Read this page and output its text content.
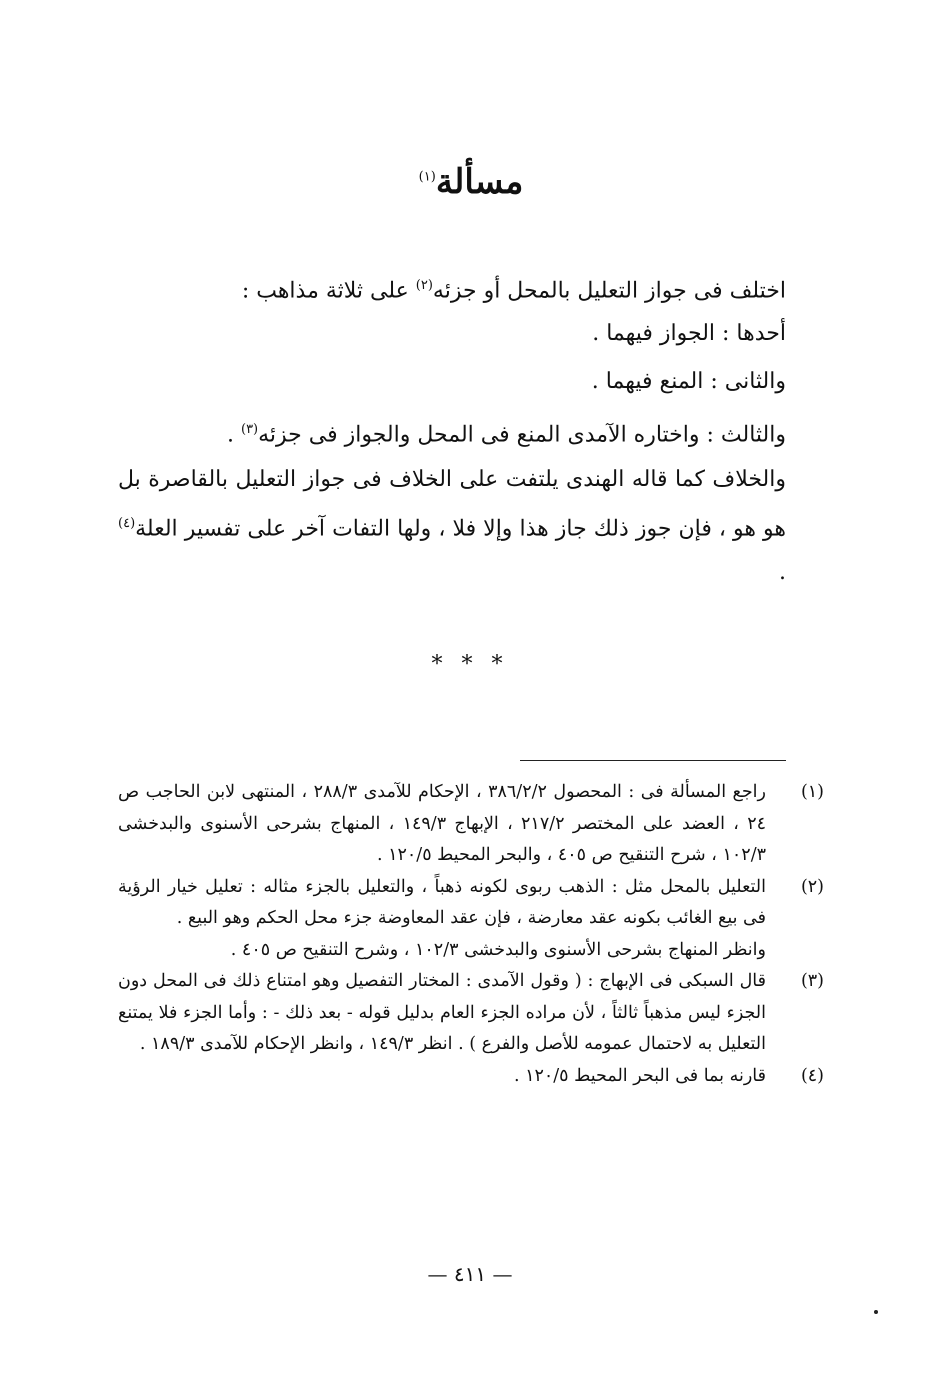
مسألة$^{(١)}$

اختلف فى جواز التعليل بالمحل أو جزئه$^{(٢)}$ على ثلاثة مذاهب :

أحدها : الجواز فيهما .

والثانى : المنع فيهما .

والثالث : واختاره الآمدى المنع فى المحل والجواز فى جزئه$^{(٣)}$ .

والخلاف كما قاله الهندى يلتفت على الخلاف فى جواز التعليل بالقاصرة بل هو هو ، فإن جوز ذلك جاز هذا وإلا فلا ، ولها التفات آخر على تفسير العلة$^{(٤)}$ .

* * *
(١)

راجع المسألة فى : المحصول ٣٨٦/٢/٢ ، الإحكام للآمدى ٢٨٨/٣ ، المنتهى لابن الحاجب ص ٢٤ ، العضد على المختصر ٢١٧/٢ ، الإبهاج ١٤٩/٣ ، المنهاج بشرحى الأسنوى والبدخشى ١٠٢/٣ ، شرح التنقيح ص ٤٠٥ ، والبحر المحيط ١٢٠/٥ .

(٢)

التعليل بالمحل مثل : الذهب ربوى لكونه ذهباً ، والتعليل بالجزء مثاله : تعليل خيار الرؤية فى بيع الغائب بكونه عقد معارضة ، فإن عقد المعاوضة جزء محل الحكم وهو البيع .

وانظر المنهاج بشرحى الأسنوى والبدخشى ١٠٢/٣ ، وشرح التنقيح ص ٤٠٥ .

(٣)

قال السبكى فى الإبهاج : ( وقول الآمدى : المختار التفصيل وهو امتناع ذلك فى المحل دون الجزء ليس مذهباً ثالثاً ، لأن مراده الجزء العام بدليل قوله - بعد ذلك - : وأما الجزء فلا يمتنع التعليل به لاحتمال عمومه للأصل والفرع ) . انظر ١٤٩/٣ ، وانظر الإحكام للآمدى ١٨٩/٣ .

(٤)

قارنه بما فى البحر المحيط ١٢٠/٥ .

— ٤١١ —
